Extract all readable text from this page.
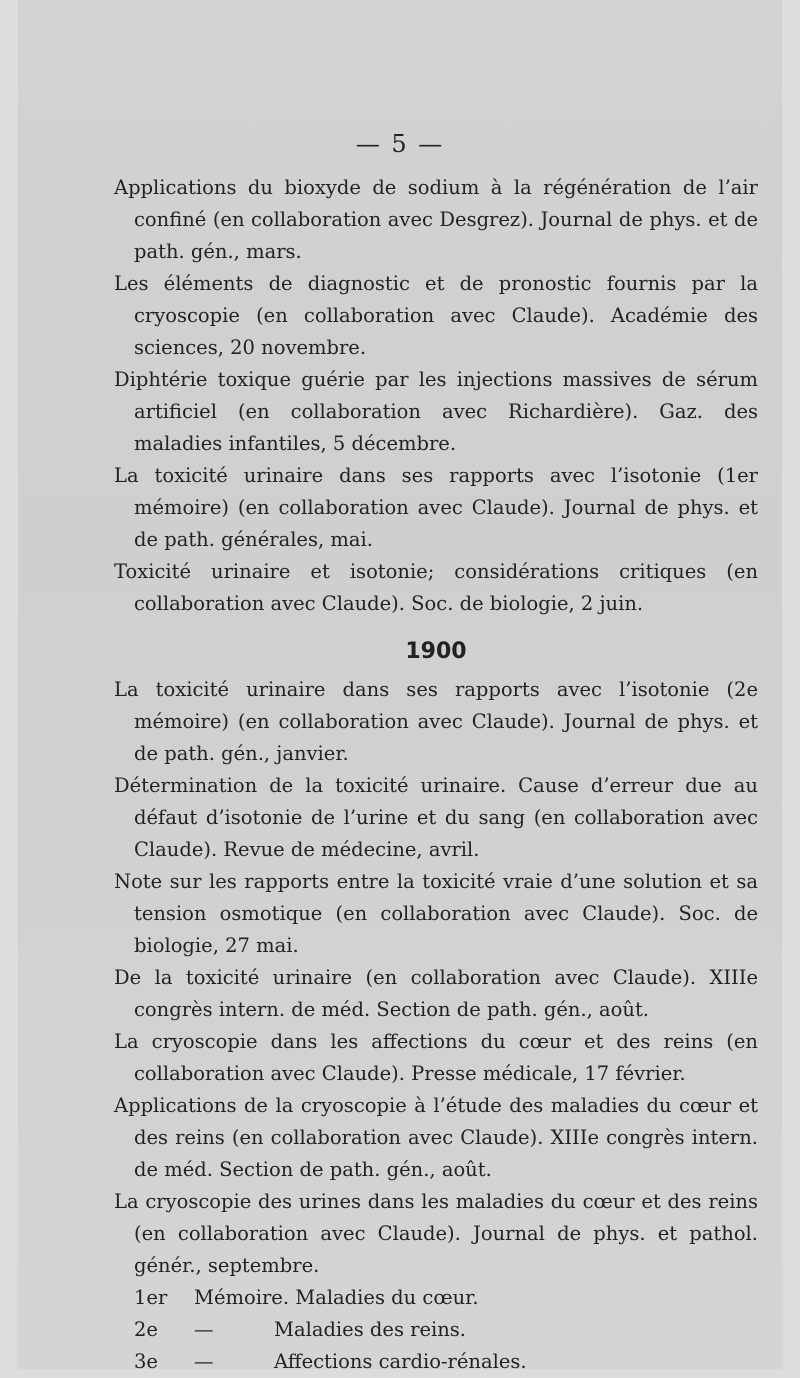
— 5 —

Applications du bioxyde de sodium à la régénération de l’air confiné (en collaboration avec Desgrez). Journal de phys. et de path. gén., mars.

Les éléments de diagnostic et de pronostic fournis par la cryoscopie (en collaboration avec Claude). Académie des sciences, 20 novembre.

Diphtérie toxique guérie par les injections massives de sérum artificiel (en collaboration avec Richardière). Gaz. des maladies infantiles, 5 décembre.

La toxicité urinaire dans ses rapports avec l’isotonie (1er mémoire) (en collaboration avec Claude). Journal de phys. et de path. générales, mai.

Toxicité urinaire et isotonie; considérations critiques (en collaboration avec Claude). Soc. de biologie, 2 juin.

1900

La toxicité urinaire dans ses rapports avec l’isotonie (2e mémoire) (en collaboration avec Claude). Journal de phys. et de path. gén., janvier.

Détermination de la toxicité urinaire. Cause d’erreur due au défaut d’isotonie de l’urine et du sang (en collaboration avec Claude). Revue de médecine, avril.

Note sur les rapports entre la toxicité vraie d’une solution et sa tension osmotique (en collaboration avec Claude). Soc. de biologie, 27 mai.

De la toxicité urinaire (en collaboration avec Claude). XIIIe congrès intern. de méd. Section de path. gén., août.

La cryoscopie dans les affections du cœur et des reins (en collaboration avec Claude). Presse médicale, 17 février.

Applications de la cryoscopie à l’étude des maladies du cœur et des reins (en collaboration avec Claude). XIIIe congrès intern. de méd. Section de path. gén., août.

La cryoscopie des urines dans les maladies du cœur et des reins (en collaboration avec Claude). Journal de phys. et pathol. génér., septembre.

1er	Mémoire. Maladies du cœur.
2e	—	Maladies des reins.
3e	—	Affections cardio-rénales.
